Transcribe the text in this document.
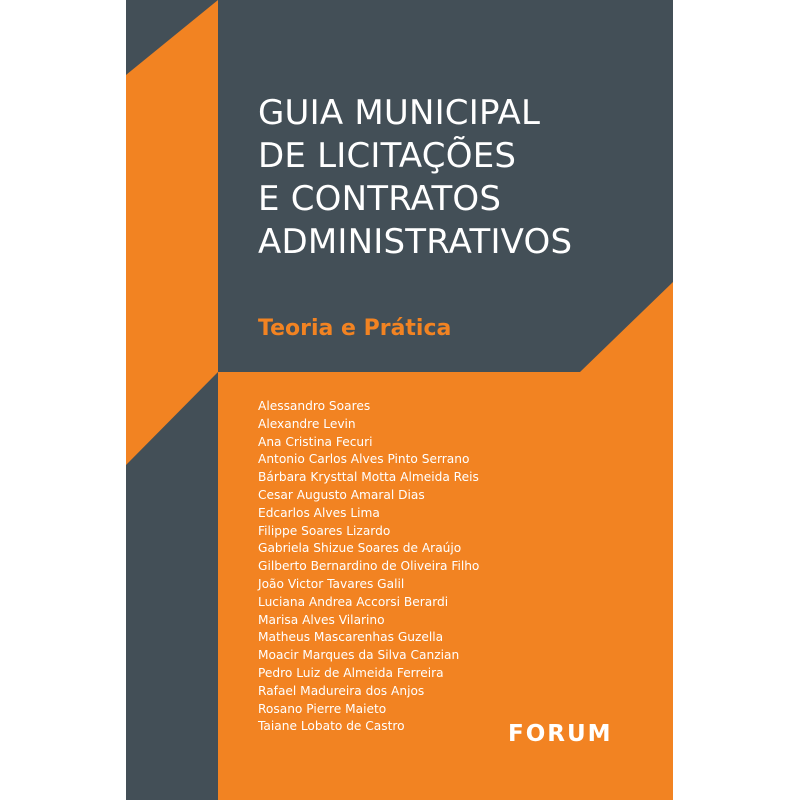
GUIA MUNICIPAL
DE LICITAÇÕES
E CONTRATOS
ADMINISTRATIVOS
Teoria e Prática
Alessandro Soares
Alexandre Levin
Ana Cristina Fecuri
Antonio Carlos Alves Pinto Serrano
Bárbara Krysttal Motta Almeida Reis
Cesar Augusto Amaral Dias
Edcarlos Alves Lima
Filippe Soares Lizardo
Gabriela Shizue Soares de Araújo
Gilberto Bernardino de Oliveira Filho
João Victor Tavares Galil
Luciana Andrea Accorsi Berardi
Marisa Alves Vilarino
Matheus Mascarenhas Guzella
Moacir Marques da Silva Canzian
Pedro Luiz de Almeida Ferreira
Rafael Madureira dos Anjos
Rosano Pierre Maieto
Taiane Lobato de Castro	FORUM
